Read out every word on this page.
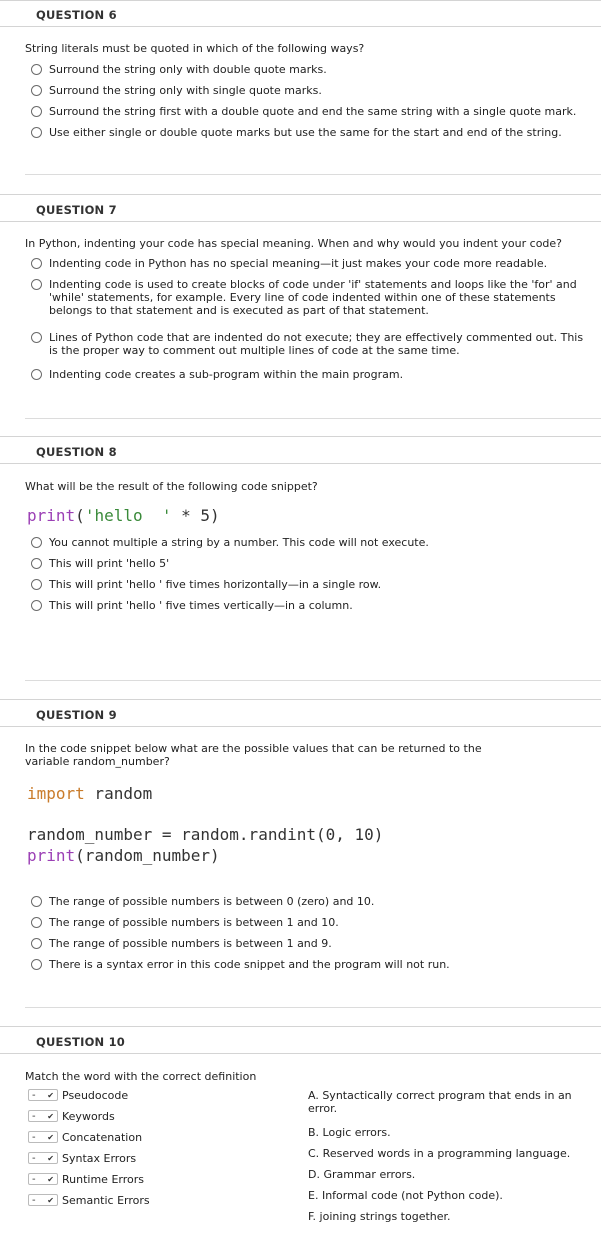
QUESTION 6
String literals must be quoted in which of the following ways?
Surround the string only with double quote marks.
Surround the string only with single quote marks.
Surround the string first with a double quote and end the same string with a single quote mark.
Use either single or double quote marks but use the same for the start and end of the string.
QUESTION 7
In Python, indenting your code has special meaning. When and why would you indent your code?
Indenting code in Python has no special meaning—it just makes your code more readable.
Indenting code is used to create blocks of code under 'if' statements and loops like the 'for' and 'while' statements, for example. Every line of code indented within one of these statements belongs to that statement and is executed as part of that statement.
Lines of Python code that are indented do not execute; they are effectively commented out. This is the proper way to comment out multiple lines of code at the same time.
Indenting code creates a sub-program within the main program.
QUESTION 8
What will be the result of the following code snippet?
print('hello  ' * 5)
You cannot multiple a string by a number. This code will not execute.
This will print 'hello 5'
This will print 'hello ' five times horizontally—in a single row.
This will print 'hello ' five times vertically—in a column.
QUESTION 9
In the code snippet below what are the possible values that can be returned to the variable random_number?
import random
random_number = random.randint(0, 10)
print(random_number)
The range of possible numbers is between 0 (zero) and 10.
The range of possible numbers is between 1 and 10.
The range of possible numbers is between 1 and 9.
There is a syntax error in this code snippet and the program will not run.
QUESTION 10
Match the word with the correct definition
- ✔ Pseudocode
- ✔ Keywords
- ✔ Concatenation
- ✔ Syntax Errors
- ✔ Runtime Errors
- ✔ Semantic Errors
A. Syntactically correct program that ends in an error.
B. Logic errors.
C. Reserved words in a programming language.
D. Grammar errors.
E. Informal code (not Python code).
F. joining strings together.
